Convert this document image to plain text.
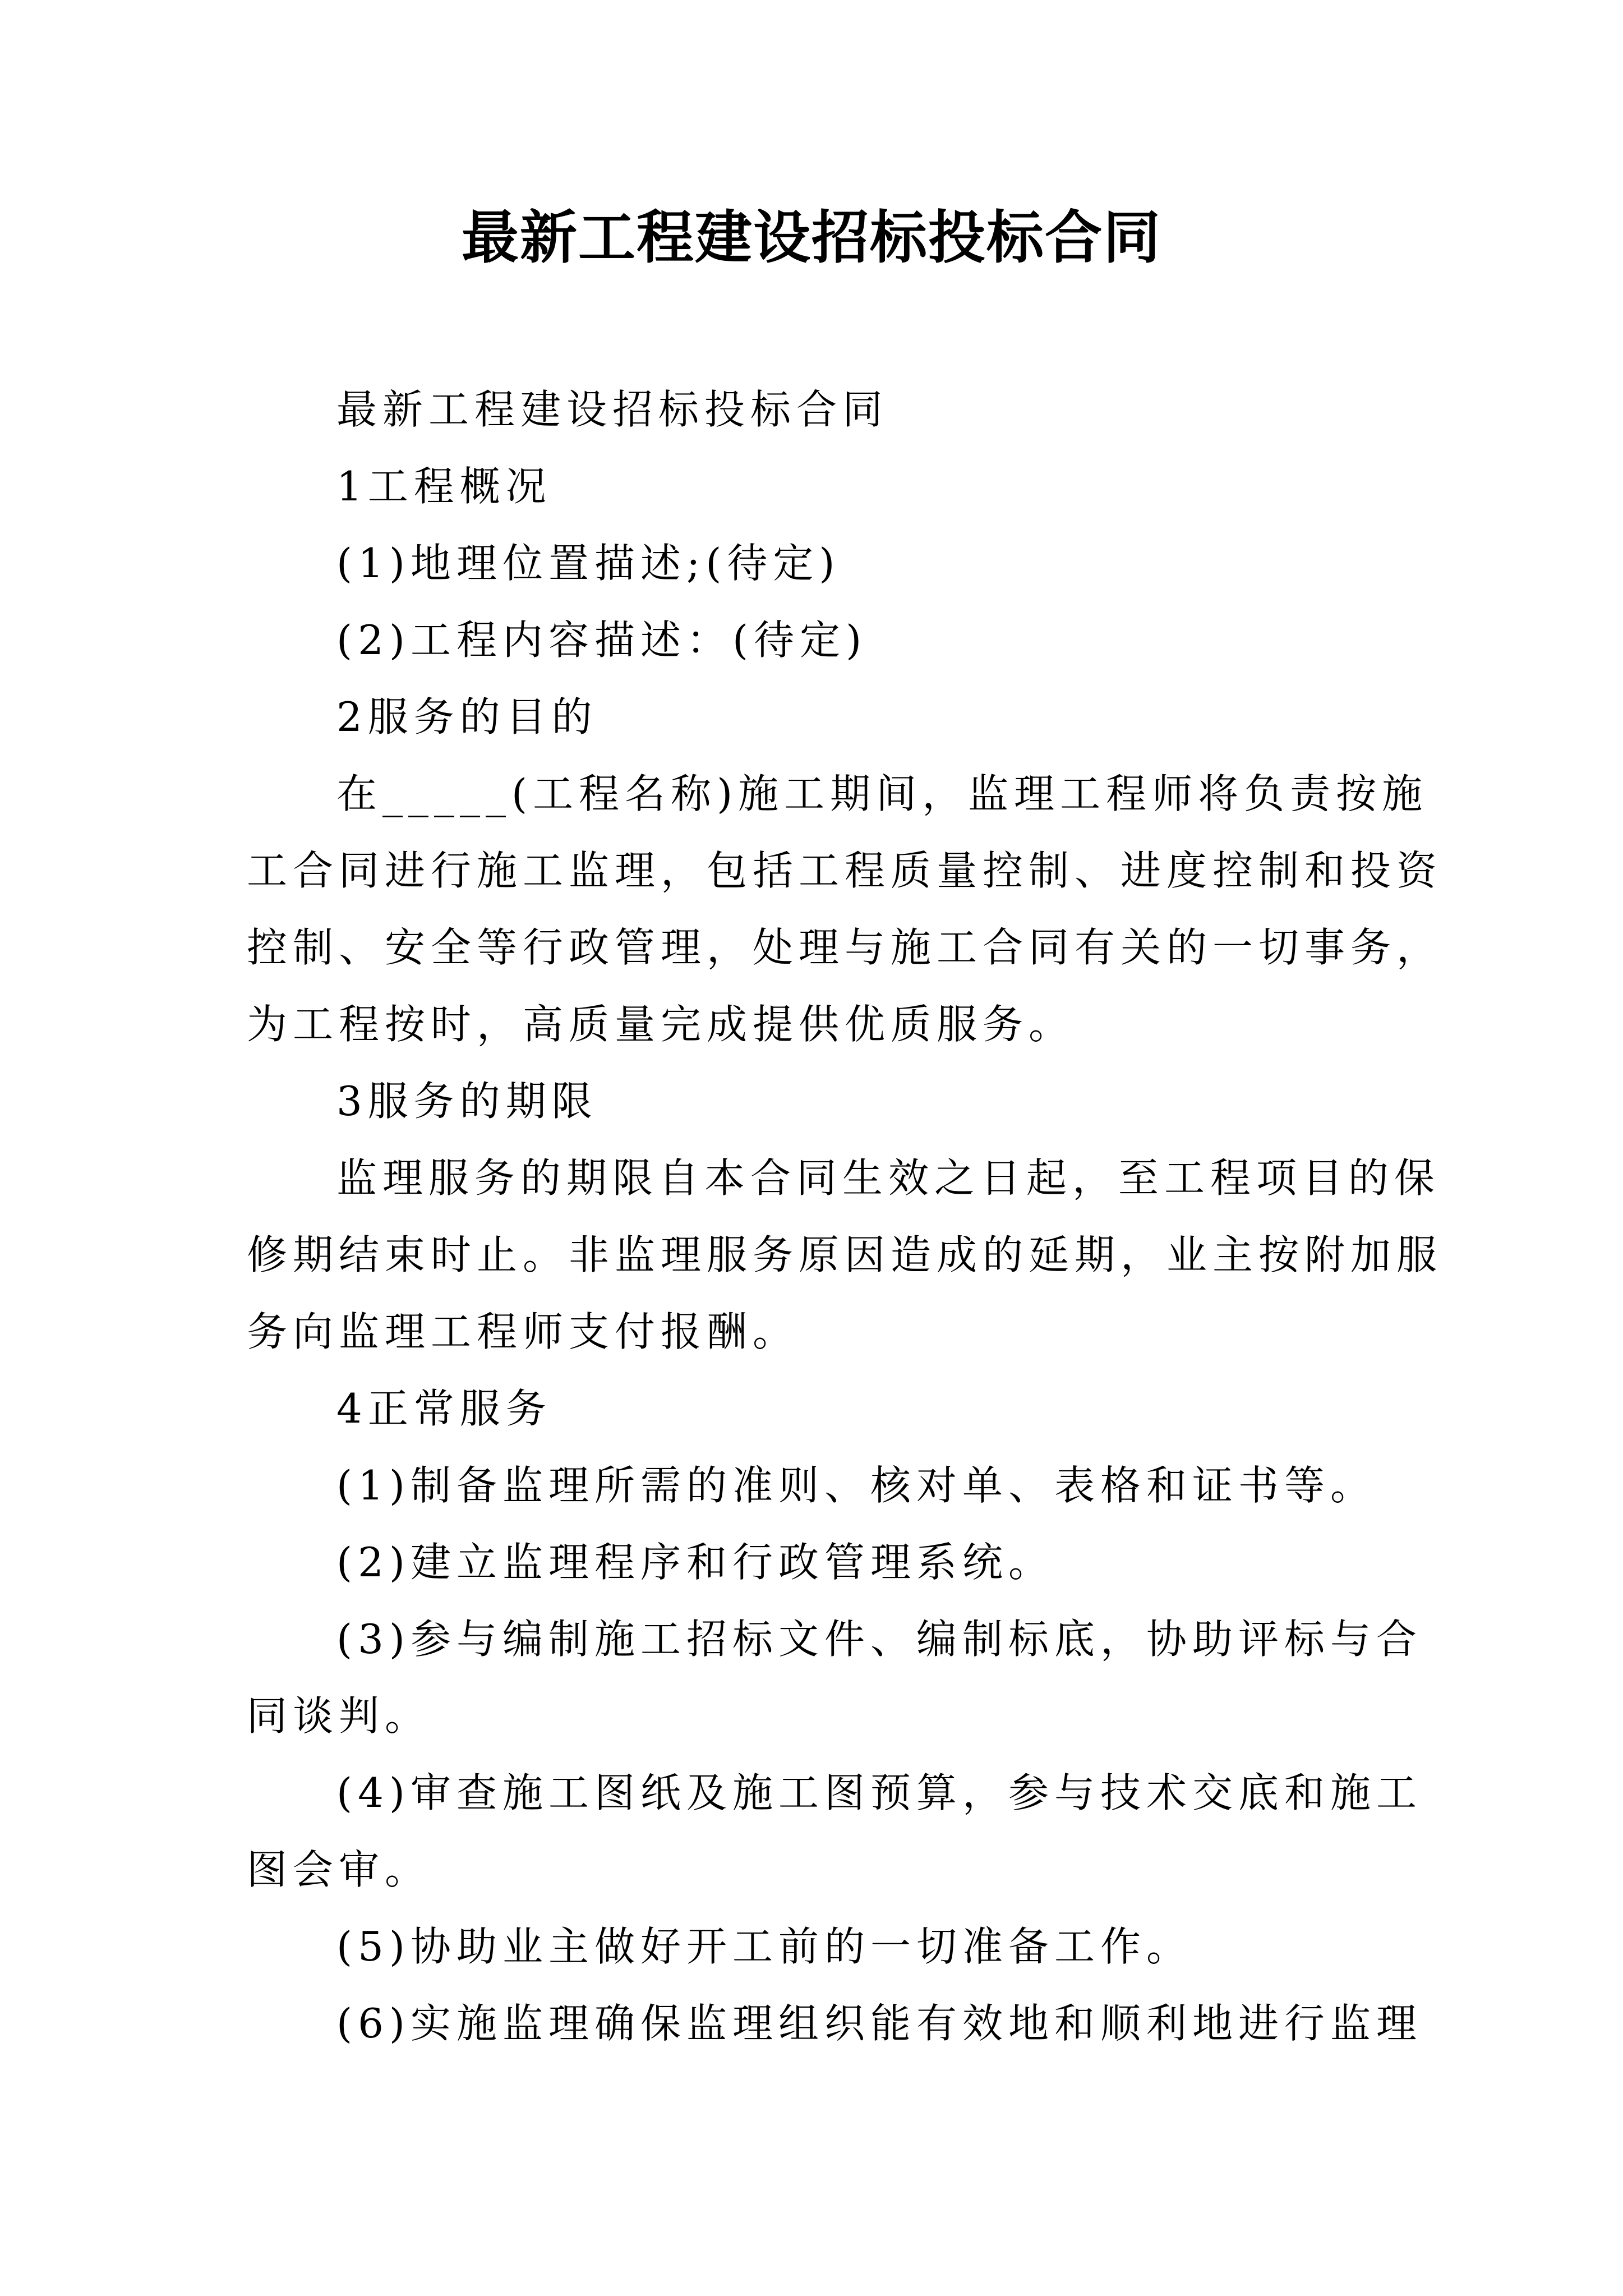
最新工程建设招标投标合同
最新工程建设招标投标合同
1工程概况
(1)地理位置描述;(待定)
(2)工程内容描述：(待定)
2服务的目的
在_____(工程名称)施工期间，监理工程师将负责按施
工合同进行施工监理，包括工程质量控制、进度控制和投资
控制、安全等行政管理，处理与施工合同有关的一切事务，
为工程按时，高质量完成提供优质服务。
3服务的期限
监理服务的期限自本合同生效之日起，至工程项目的保
修期结束时止。非监理服务原因造成的延期，业主按附加服
务向监理工程师支付报酬。
4正常服务
(1)制备监理所需的准则、核对单、表格和证书等。
(2)建立监理程序和行政管理系统。
(3)参与编制施工招标文件、编制标底，协助评标与合
同谈判。
(4)审查施工图纸及施工图预算，参与技术交底和施工
图会审。
(5)协助业主做好开工前的一切准备工作。
(6)实施监理确保监理组织能有效地和顺利地进行监理
